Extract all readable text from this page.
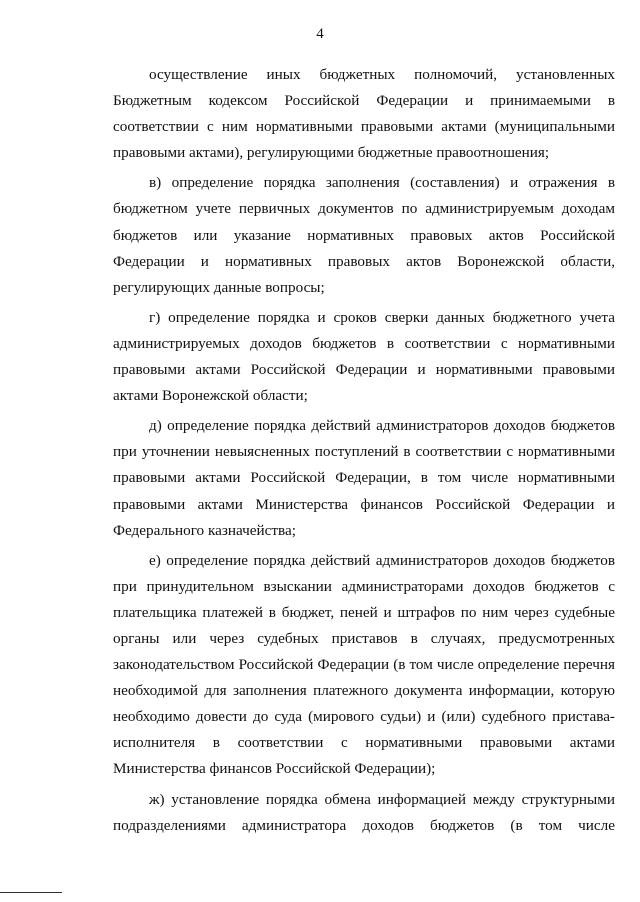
4

осуществление иных бюджетных полномочий, установленных Бюджетным кодексом Российской Федерации и принимаемыми в соответствии с ним нормативными правовыми актами (муниципальными правовыми актами), регулирующими бюджетные правоотношения;

в) определение порядка заполнения (составления) и отражения в бюджетном учете первичных документов по администрируемым доходам бюджетов или указание нормативных правовых актов Российской Федерации и нормативных правовых актов Воронежской области, регулирующих данные вопросы;

г) определение порядка и сроков сверки данных бюджетного учета администрируемых доходов бюджетов в соответствии с нормативными правовыми актами Российской Федерации и нормативными правовыми актами Воронежской области;

д) определение порядка действий администраторов доходов бюджетов при уточнении невыясненных поступлений в соответствии с нормативными правовыми актами Российской Федерации, в том числе нормативными правовыми актами Министерства финансов Российской Федерации и Федерального казначейства;

е) определение порядка действий администраторов доходов бюджетов при принудительном взыскании администраторами доходов бюджетов с плательщика платежей в бюджет, пеней и штрафов по ним через судебные органы или через судебных приставов в случаях, предусмотренных законодательством Российской Федерации (в том числе определение перечня необходимой для заполнения платежного документа информации, которую необходимо довести до суда (мирового судьи) и (или) судебного пристава-исполнителя в соответствии с нормативными правовыми актами Министерства финансов Российской Федерации);

ж) установление порядка обмена информацией между структурными подразделениями администратора доходов бюджетов (в том числе
